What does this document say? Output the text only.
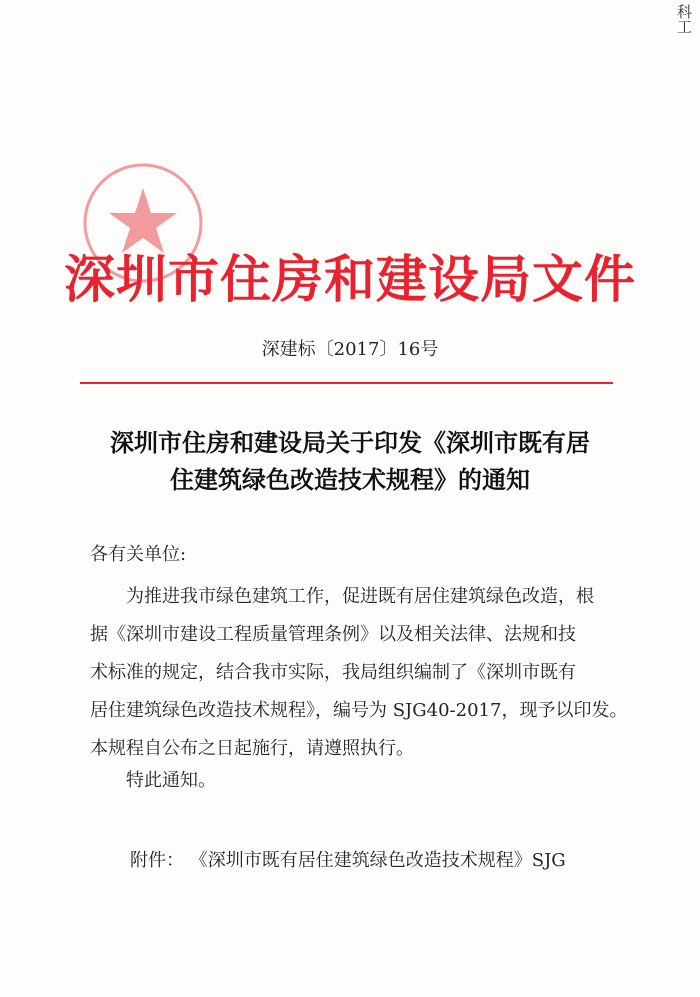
科工
深圳市住房和建设局文件
深建标〔2017〕16号
深圳市住房和建设局关于印发《深圳市既有居
住建筑绿色改造技术规程》的通知
各有关单位:
　　为推进我市绿色建筑工作，促进既有居住建筑绿色改造，根
据《深圳市建设工程质量管理条例》以及相关法律、法规和技
术标准的规定，结合我市实际，我局组织编制了《深圳市既有
居住建筑绿色改造技术规程》，编号为 SJG40-2017，现予以印发。
本规程自公布之日起施行，请遵照执行。
特此通知。
附件： 《深圳市既有居住建筑绿色改造技术规程》SJG
